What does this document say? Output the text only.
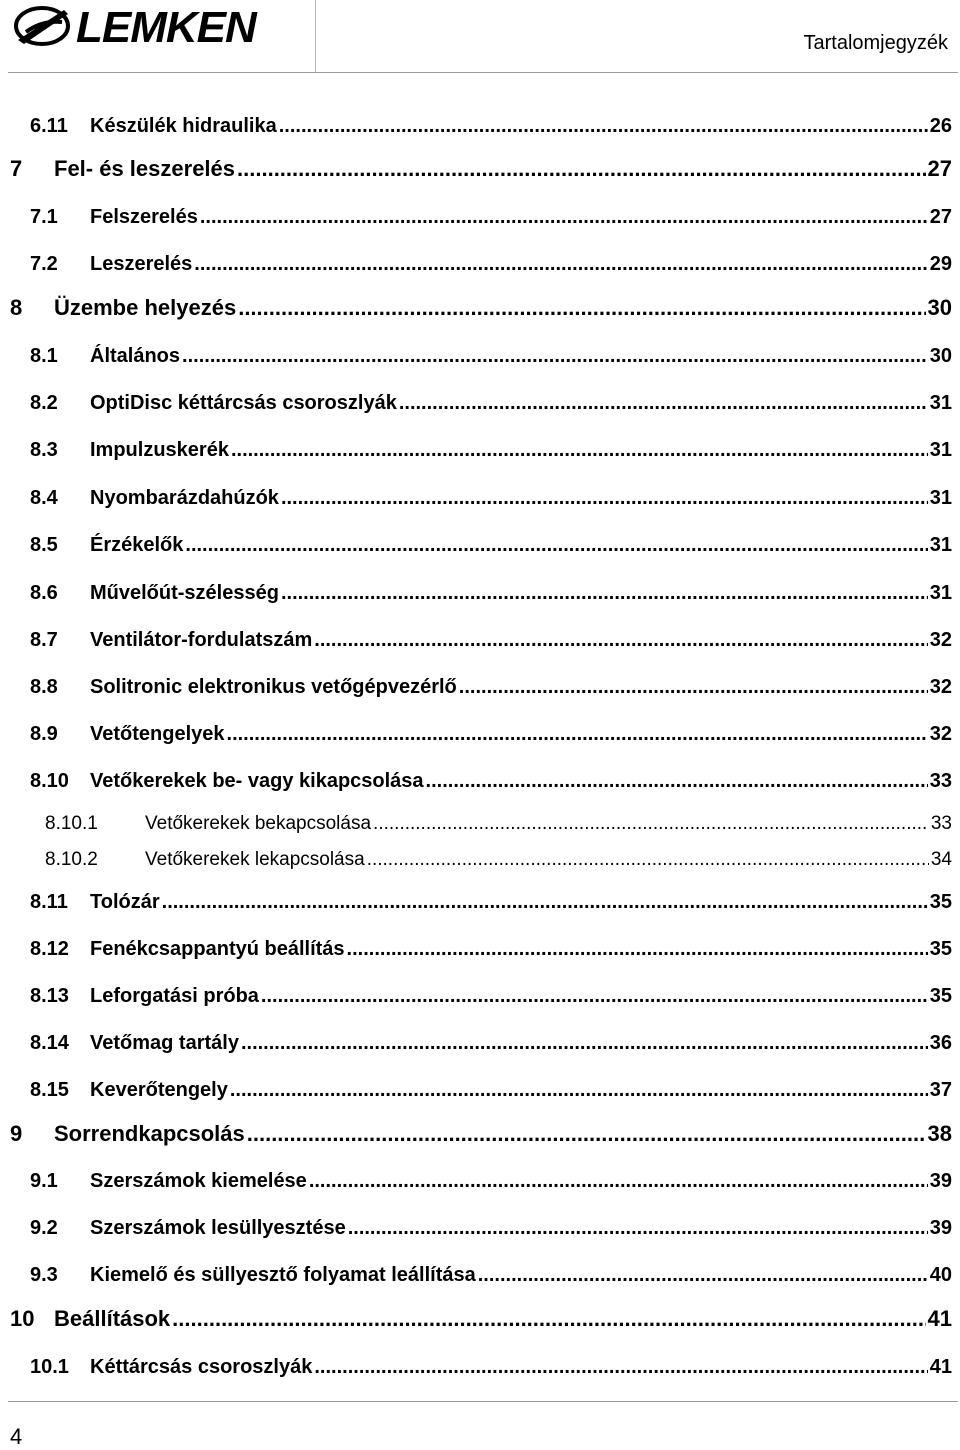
LEMKEN	Tartalomjegyzék
6.11 Készülék hidraulika .....	26
7 Fel- és leszerelés .....	27
7.1 Felszerelés .....	27
7.2 Leszerelés .....	29
8 Üzembe helyezés .....	30
8.1 Általános .....	30
8.2 OptiDisc kéttárcsás csoroszlyák .....	31
8.3 Impulzuskerék .....	31
8.4 Nyombarázdahúzók .....	31
8.5 Érzékelők .....	31
8.6 Művelőút-szélesség .....	31
8.7 Ventilátor-fordulatszám .....	32
8.8 Solitronic elektronikus vetőgépvezérlő .....	32
8.9 Vetőtengelyek .....	32
8.10 Vetőkerekek be- vagy kikapcsolása .....	33
8.10.1 Vetőkerekek bekapcsolása .....	33
8.10.2 Vetőkerekek lekapcsolása .....	34
8.11 Tolózár .....	35
8.12 Fenékcsappantyú beállítás .....	35
8.13 Leforgatási próba .....	35
8.14 Vetőmag tartály .....	36
8.15 Keverőtengely .....	37
9 Sorrendkapcsolás .....	38
9.1 Szerszámok kiemelése .....	39
9.2 Szerszámok lesüllyesztése .....	39
9.3 Kiemelő és süllyesztő folyamat leállítása .....	40
10 Beállítások .....	41
10.1 Kéttárcsás csoroszlyák .....	41
4
